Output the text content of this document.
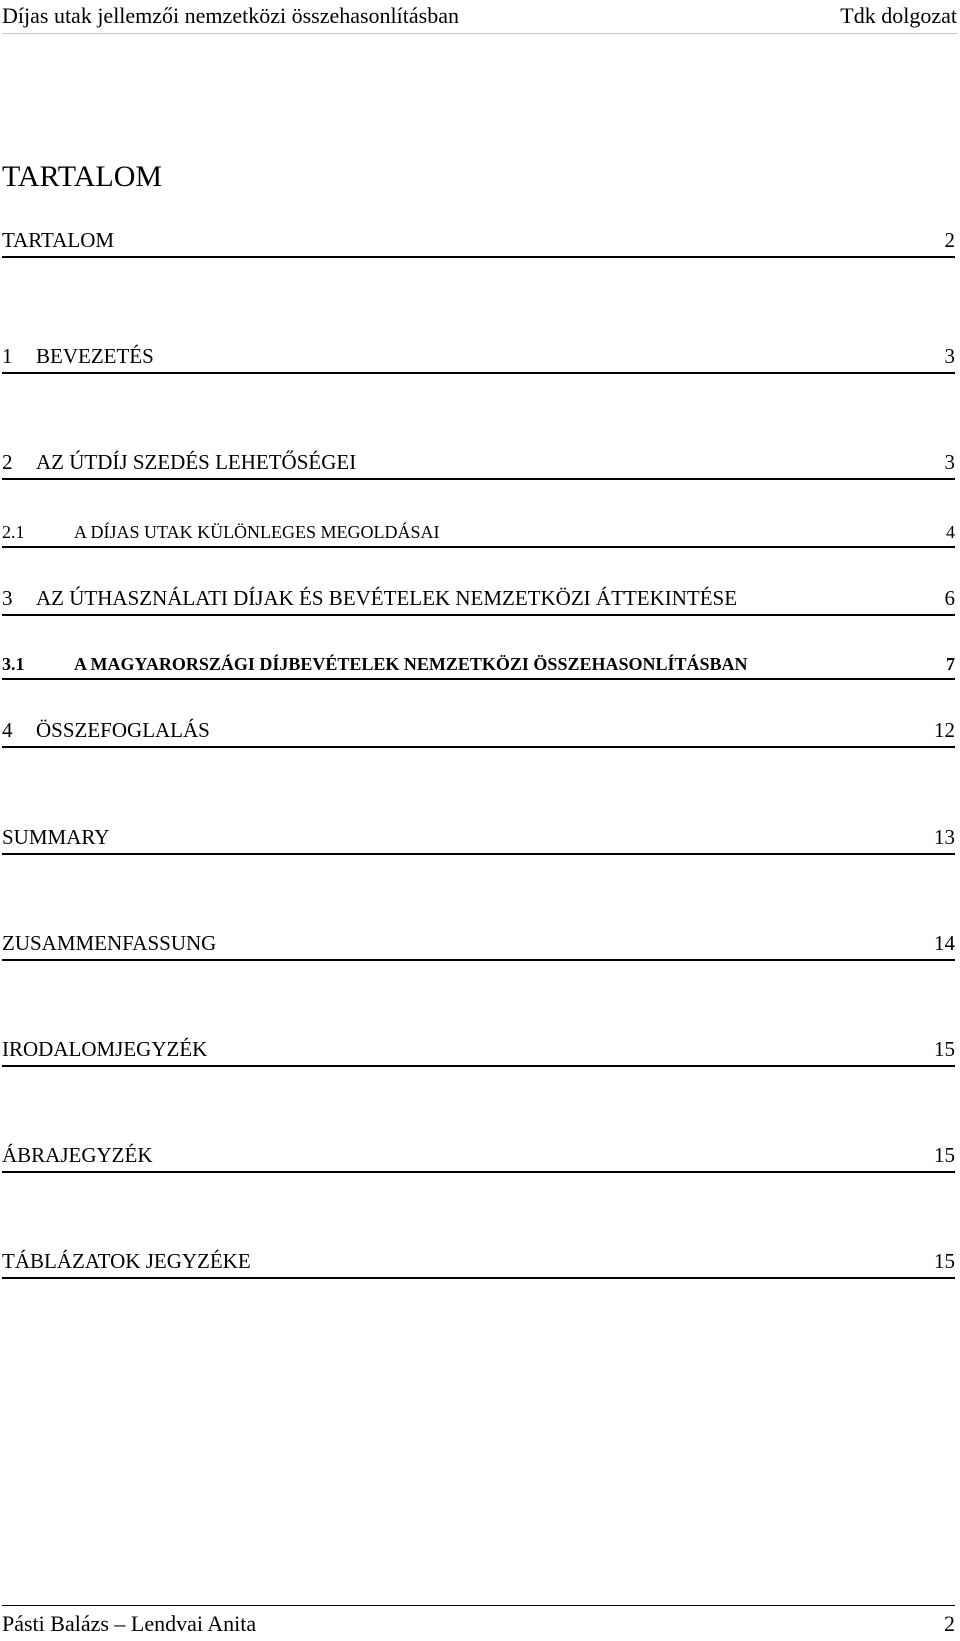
Díjas utak jellemzői nemzetközi összehasonlításban	Tdk dolgozat
TARTALOM
TARTALOM	2
1 BEVEZETÉS	3
2 AZ ÚTDÍJ SZEDÉS LEHETŐSÉGEI	3
2.1	A DÍJAS UTAK KÜLÖNLEGES MEGOLDÁSAI	4
3 AZ ÚTHASZNÁLATI DÍJAK ÉS BEVÉTELEK NEMZETKÖZI ÁTTEKINTÉSE	6
3.1	A MAGYARORSZÁGI DÍJBEVÉTELEK NEMZETKÖZI ÖSSZEHASONLÍTÁSBAN	7
4 ÖSSZEFOGLALÁS	12
SUMMARY	13
ZUSAMMENFASSUNG	14
IRODALOMJEGYZÉK	15
ÁBRAJEGYZÉK	15
TÁBLÁZATOK JEGYZÉKE	15
Pásti Balázs – Lendvai Anita	2
